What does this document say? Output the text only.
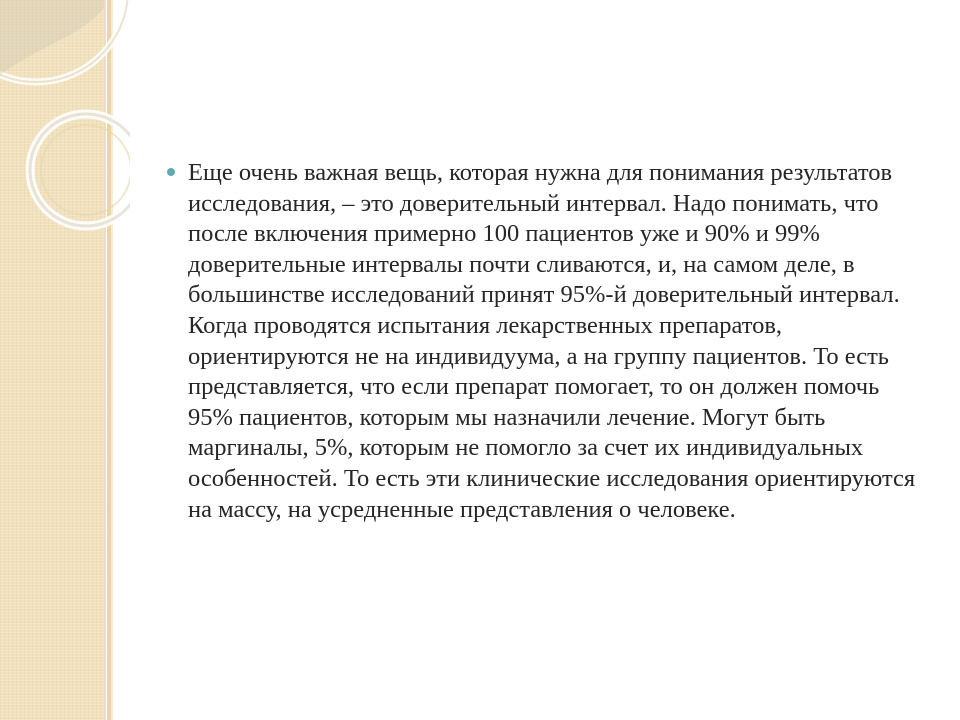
Еще очень важная вещь, которая нужна для понимания результатов исследования, – это доверительный интервал. Надо понимать, что после включения примерно 100 пациентов уже и 90% и 99% доверительные интервалы почти сливаются, и, на самом деле, в большинстве исследований принят 95%-й доверительный интервал. Когда проводятся испытания лекарственных препаратов, ориентируются не на индивидуума, а на группу пациентов. То есть представляется, что если препарат помогает, то он должен помочь 95% пациентов, которым мы назначили лечение. Могут быть маргиналы, 5%, которым не помогло за счет их индивидуальных особенностей. То есть эти клинические исследования ориентируются на массу, на усредненные представления о человеке.
